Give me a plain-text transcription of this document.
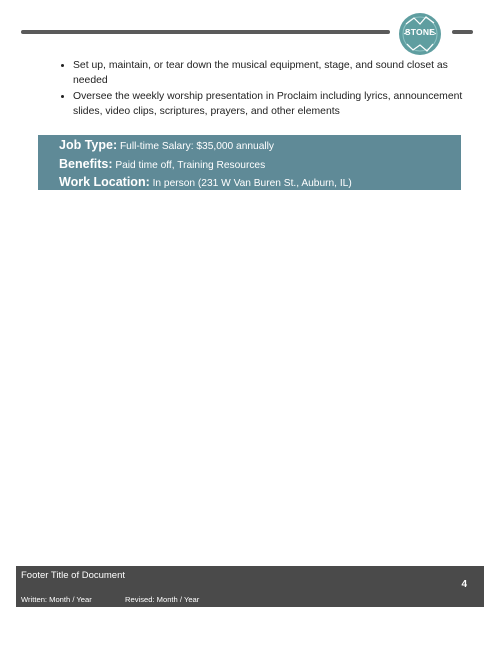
STONE
• Set up, maintain, or tear down the musical equipment, stage, and sound closet as needed
• Oversee the weekly worship presentation in Proclaim including lyrics, announcement slides, video clips, scriptures, prayers, and other elements
Job Type: Full-time Salary: $35,000 annually
Benefits: Paid time off, Training Resources
Work Location: In person (231 W Van Buren St., Auburn, IL)
Footer Title of Document
Written: Month / Year	Revised: Month / Year
4
